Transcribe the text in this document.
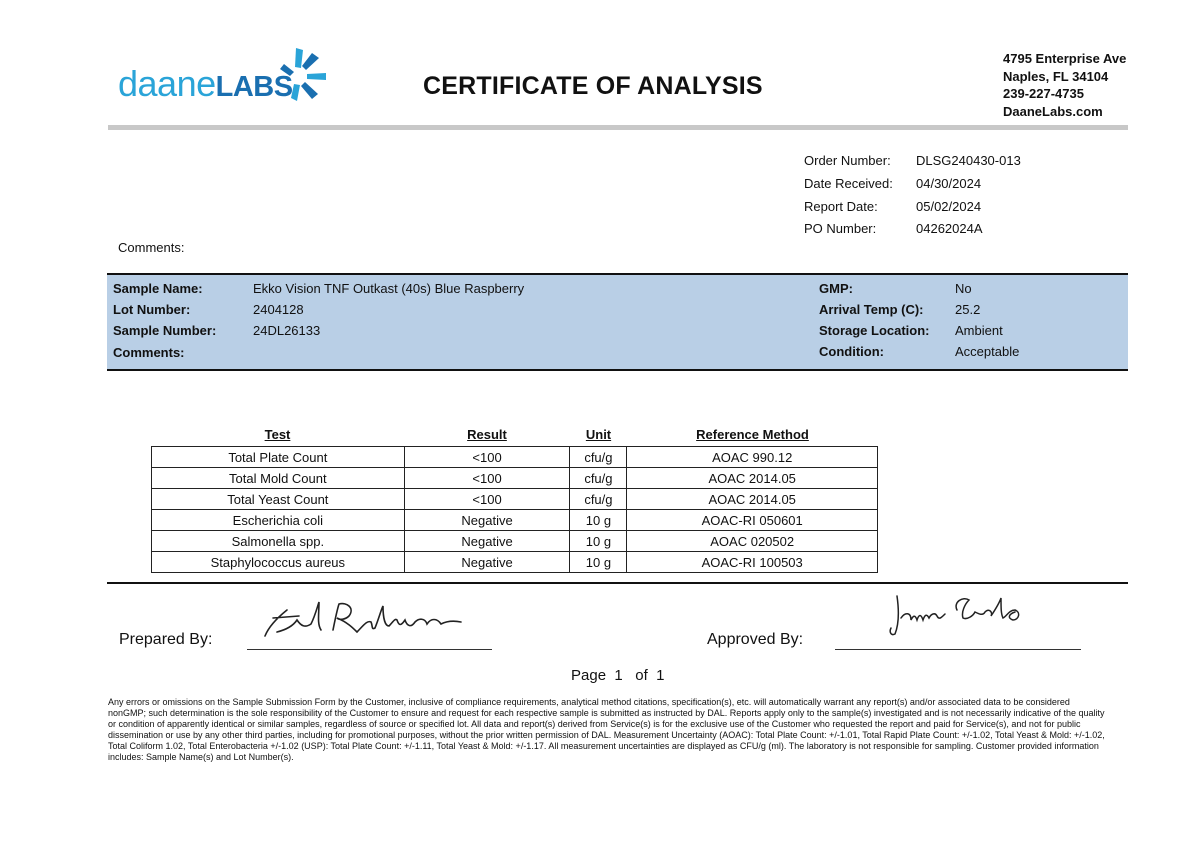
daaneLABS	CERTIFICATE OF ANALYSIS
4795 Enterprise Ave
Naples, FL 34104
239-227-4735
DaaneLabs.com
Order Number:	DLSG240430-013
Date Received:	04/30/2024
Report Date:	05/02/2024
PO Number:	04262024A
Comments:
Sample Name:	Ekko Vision TNF Outkast (40s) Blue Raspberry
Lot Number:	2404128
Sample Number:	24DL26133
Comments:
GMP:	No
Arrival Temp (C): 25.2
Storage Location: Ambient
Condition:	Acceptable
Test	Result	Unit	Reference Method
Total Plate Count	<100	cfu/g	AOAC 990.12
Total Mold Count	<100	cfu/g	AOAC 2014.05
Total Yeast Count	<100	cfu/g	AOAC 2014.05
Escherichia coli	Negative	10 g	AOAC-RI 050601
Salmonella spp.	Negative	10 g	AOAC 020502
Staphylococcus aureus	Negative	10 g	AOAC-RI 100503
Prepared By:	Approved By:
Page 1 of 1
Any errors or omissions on the Sample Submission Form by the Customer, inclusive of compliance requirements, analytical method citations, specification(s), etc. will automatically warrant any report(s) and/or associated data to be considered nonGMP; such determination is the sole responsibility of the Customer to ensure and request for each respective sample is submitted as instructed by DAL. Reports apply only to the sample(s) investigated and is not necessarily indicative of the quality or condition of apparently identical or similar samples, regardless of source or specified lot. All data and report(s) derived from Service(s) is for the exclusive use of the Customer who requested the report and paid for Service(s), and not for public dissemination or use by any other third parties, including for promotional purposes, without the prior written permission of DAL. Measurement Uncertainty (AOAC): Total Plate Count: +/-1.01, Total Rapid Plate Count: +/-1.02, Total Yeast & Mold: +/-1.02, Total Coliform 1.02, Total Enterobacteria +/-1.02 (USP): Total Plate Count: +/-1.11, Total Yeast & Mold: +/-1.17. All measurement uncertainties are displayed as CFU/g (ml). The laboratory is not responsible for sampling. Customer provided information includes: Sample Name(s) and Lot Number(s).
